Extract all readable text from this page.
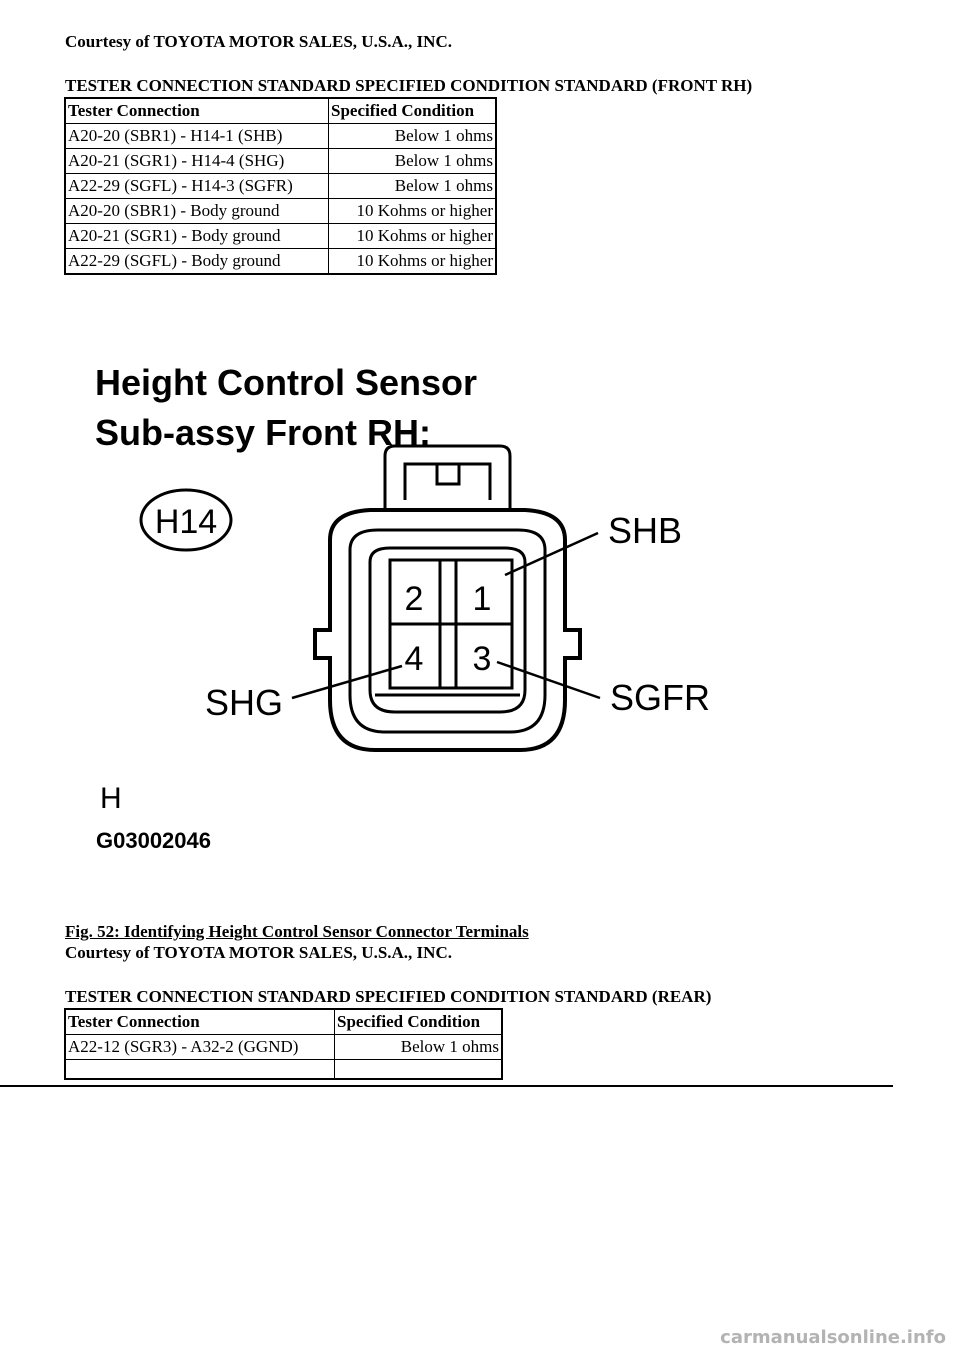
Courtesy of TOYOTA MOTOR SALES, U.S.A., INC.
TESTER CONNECTION STANDARD SPECIFIED CONDITION STANDARD (FRONT RH)
Tester Connection	Specified Condition
A20-20 (SBR1) - H14-1 (SHB)	Below 1 ohms
A20-21 (SGR1) - H14-4 (SHG)	Below 1 ohms
A22-29 (SGFL) - H14-3 (SGFR)	Below 1 ohms
A20-20 (SBR1) - Body ground	10 Kohms or higher
A20-21 (SGR1) - Body ground	10 Kohms or higher
A22-29 (SGFL) - Body ground	10 Kohms or higher
Height Control Sensor
Sub-assy Front RH:
H14
2 1
4 3
SHB
SHG	SGFR
H
G03002046
Fig. 52: Identifying Height Control Sensor Connector Terminals
Courtesy of TOYOTA MOTOR SALES, U.S.A., INC.
TESTER CONNECTION STANDARD SPECIFIED CONDITION STANDARD (REAR)
Tester Connection	Specified Condition
A22-12 (SGR3) - A32-2 (GGND)	Below 1 ohms

carmanualsonline.info
